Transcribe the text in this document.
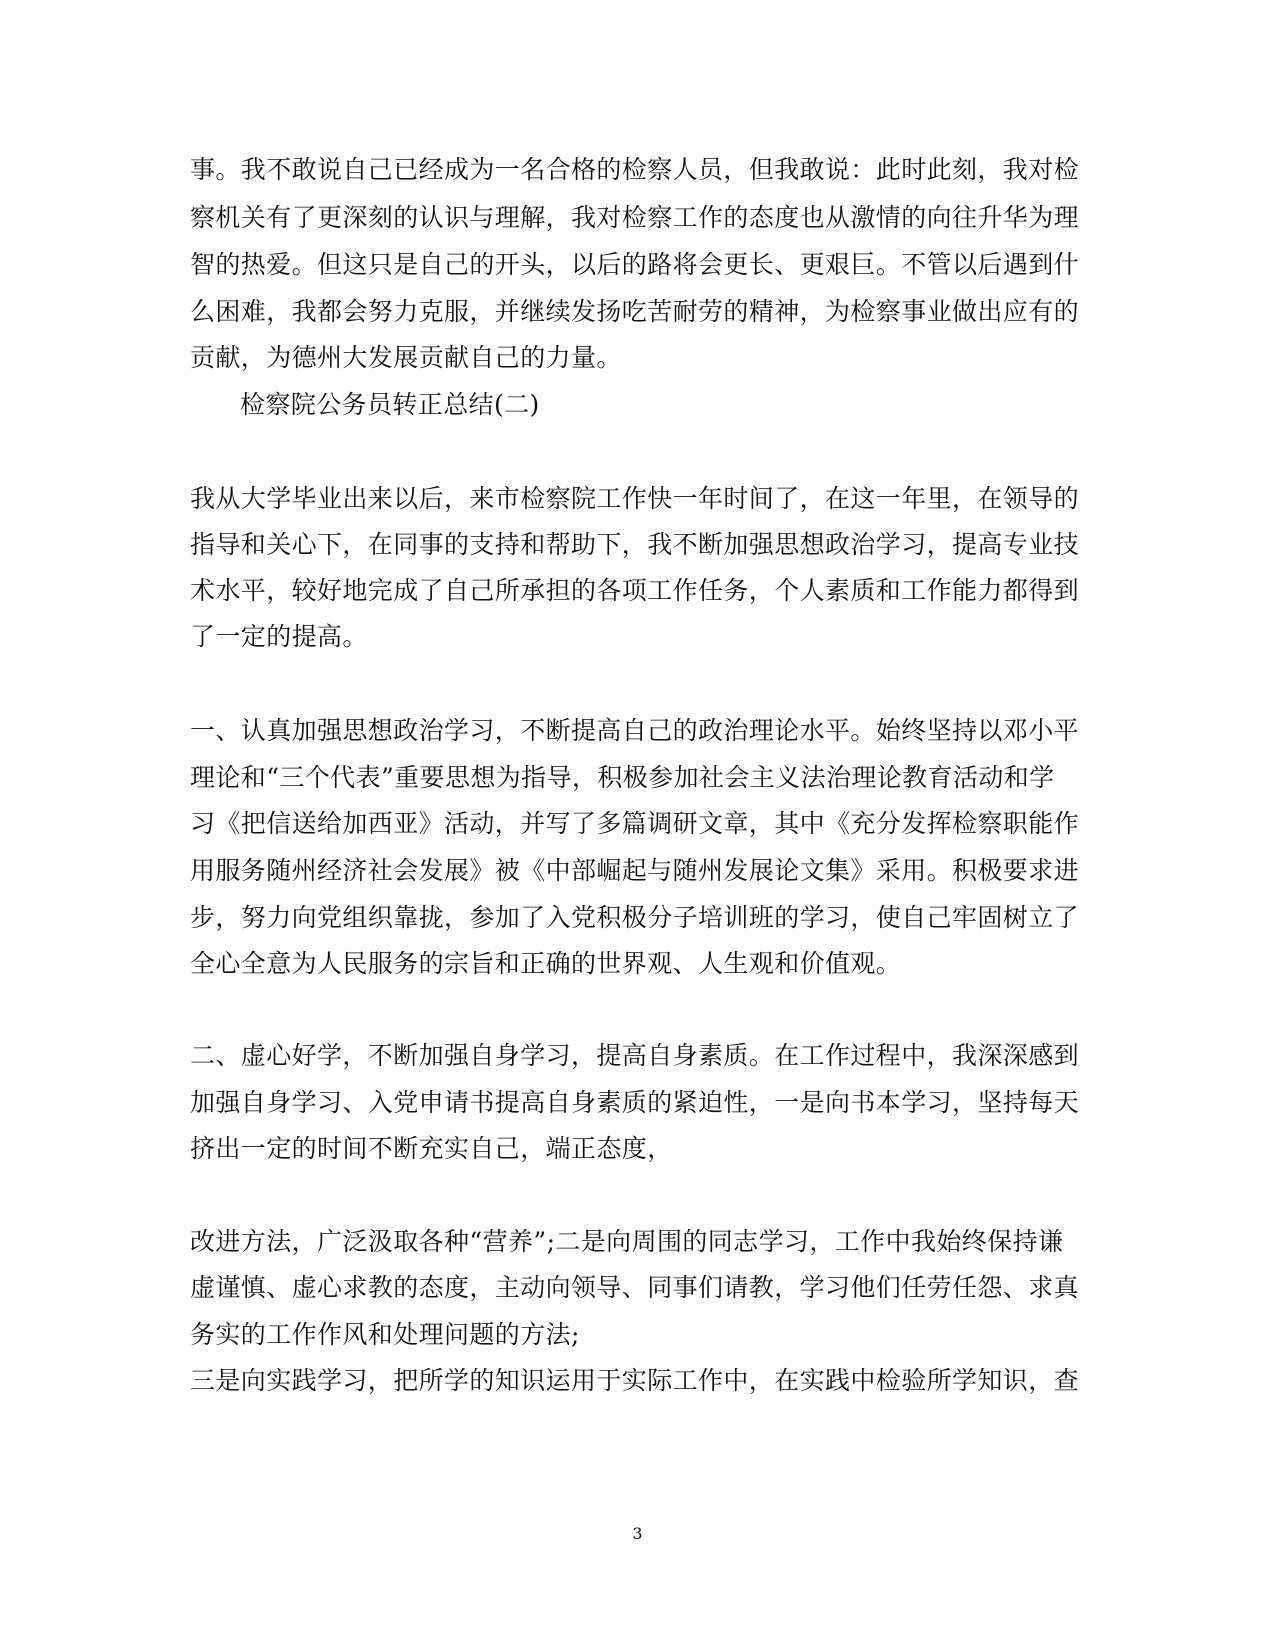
事。我不敢说自己已经成为一名合格的检察人员，但我敢说：此时此刻，我对检
察机关有了更深刻的认识与理解，我对检察工作的态度也从激情的向往升华为理
智的热爱。但这只是自己的开头，以后的路将会更长、更艰巨。不管以后遇到什
么困难，我都会努力克服，并继续发扬吃苦耐劳的精神，为检察事业做出应有的
贡献，为德州大发展贡献自己的力量。
检察院公务员转正总结(二)
我从大学毕业出来以后，来市检察院工作快一年时间了，在这一年里，在领导的
指导和关心下，在同事的支持和帮助下，我不断加强思想政治学习，提高专业技
术水平，较好地完成了自己所承担的各项工作任务，个人素质和工作能力都得到
了一定的提高。
一、认真加强思想政治学习，不断提高自己的政治理论水平。始终坚持以邓小平
理论和“三个代表”重要思想为指导，积极参加社会主义法治理论教育活动和学
习《把信送给加西亚》活动，并写了多篇调研文章，其中《充分发挥检察职能作
用服务随州经济社会发展》被《中部崛起与随州发展论文集》采用。积极要求进
步，努力向党组织靠拢，参加了入党积极分子培训班的学习，使自己牢固树立了
全心全意为人民服务的宗旨和正确的世界观、人生观和价值观。
二、虚心好学，不断加强自身学习，提高自身素质。在工作过程中，我深深感到
加强自身学习、入党申请书提高自身素质的紧迫性，一是向书本学习，坚持每天
挤出一定的时间不断充实自己，端正态度，
改进方法，广泛汲取各种“营养”;二是向周围的同志学习，工作中我始终保持谦
虚谨慎、虚心求教的态度，主动向领导、同事们请教，学习他们任劳任怨、求真
务实的工作作风和处理问题的方法;
三是向实践学习，把所学的知识运用于实际工作中，在实践中检验所学知识，查
3
